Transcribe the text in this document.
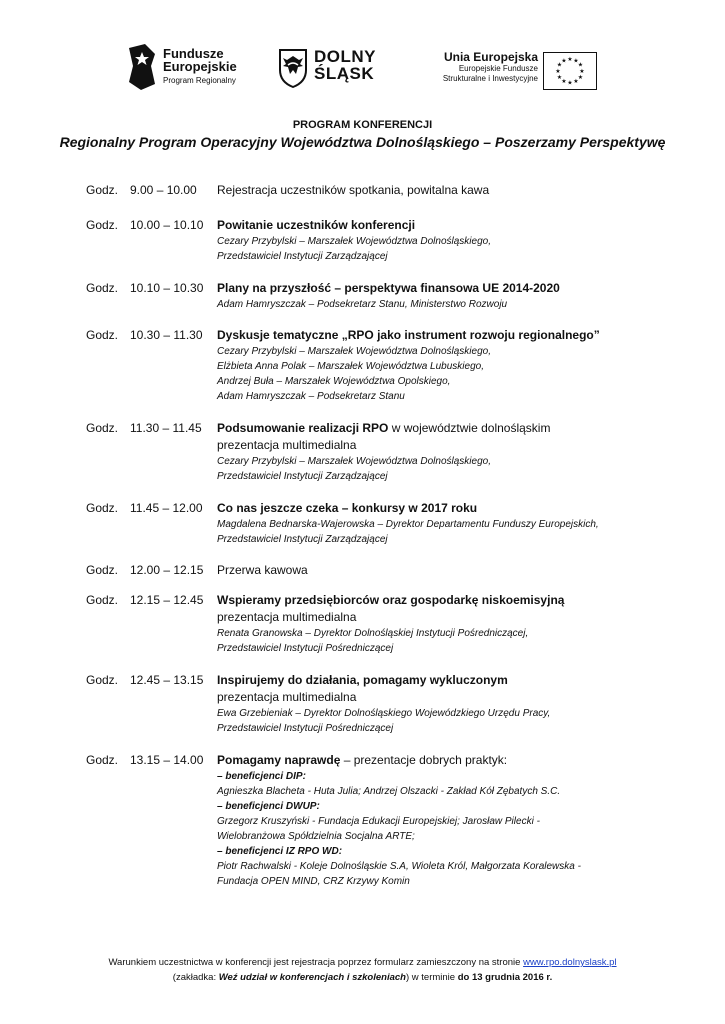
Fundusze
Europejskie
Program Regionalny
DOLNY
ŚLĄSK
Unia Europejska
Europejskie Fundusze
Strukturalne i Inwestycyjne
★ ★
★
★
★
★
★
★
★
★
★
★
PROGRAM KONFERENCJI
Regionalny Program Operacyjny Województwa Dolnośląskiego – Poszerzamy Perspektywę
Godz. 9.00 – 10.00 Rejestracja uczestników spotkania, powitalna kawa
Godz. 10.00 – 10.10 Powitanie uczestników konferencji
Cezary Przybylski – Marszałek Województwa Dolnośląskiego,
Przedstawiciel Instytucji Zarządzającej
Godz. 10.10 – 10.30 Plany na przyszłość – perspektywa finansowa UE 2014-2020
Adam Hamryszczak – Podsekretarz Stanu, Ministerstwo Rozwoju
Godz. 10.30 – 11.30 Dyskusje tematyczne „RPO jako instrument rozwoju regionalnego”
Cezary Przybylski – Marszałek Województwa Dolnośląskiego,
Elżbieta Anna Polak – Marszałek Województwa Lubuskiego,
Andrzej Buła – Marszałek Województwa Opolskiego,
Adam Hamryszczak – Podsekretarz Stanu
Godz. 11.30 – 11.45 Podsumowanie realizacji RPO w województwie dolnośląskim
prezentacja multimedialna
Cezary Przybylski – Marszałek Województwa Dolnośląskiego,
Przedstawiciel Instytucji Zarządzającej
Godz. 11.45 – 12.00 Co nas jeszcze czeka – konkursy w 2017 roku
Magdalena Bednarska-Wajerowska – Dyrektor Departamentu Funduszy Europejskich,
Przedstawiciel Instytucji Zarządzającej
Godz. 12.00 – 12.15 Przerwa kawowa
Godz. 12.15 – 12.45 Wspieramy przedsiębiorców oraz gospodarkę niskoemisyjną
prezentacja multimedialna
Renata Granowska – Dyrektor Dolnośląskiej Instytucji Pośredniczącej,
Przedstawiciel Instytucji Pośredniczącej
Godz. 12.45 – 13.15 Inspirujemy do działania, pomagamy wykluczonym
prezentacja multimedialna
Ewa Grzebieniak – Dyrektor Dolnośląskiego Wojewódzkiego Urzędu Pracy,
Przedstawiciel Instytucji Pośredniczącej
Godz. 13.15 – 14.00 Pomagamy naprawdę – prezentacje dobrych praktyk:
– beneficjenci DIP:
Agnieszka Blacheta - Huta Julia; Andrzej Olszacki - Zakład Kół Zębatych S.C.
– beneficjenci DWUP:
Grzegorz Kruszyński - Fundacja Edukacji Europejskiej; Jarosław Pilecki -
Wielobranżowa Spółdzielnia Socjalna ARTE;
– beneficjenci IZ RPO WD:
Piotr Rachwalski - Koleje Dolnośląskie S.A, Wioleta Król, Małgorzata Koralewska -
Fundacja OPEN MIND, CRZ Krzywy Komin
Warunkiem uczestnictwa w konferencji jest rejestracja poprzez formularz zamieszczony na stronie www.rpo.dolnyslask.pl
(zakładka: Weź udział w konferencjach i szkoleniach) w terminie do 13 grudnia 2016 r.
